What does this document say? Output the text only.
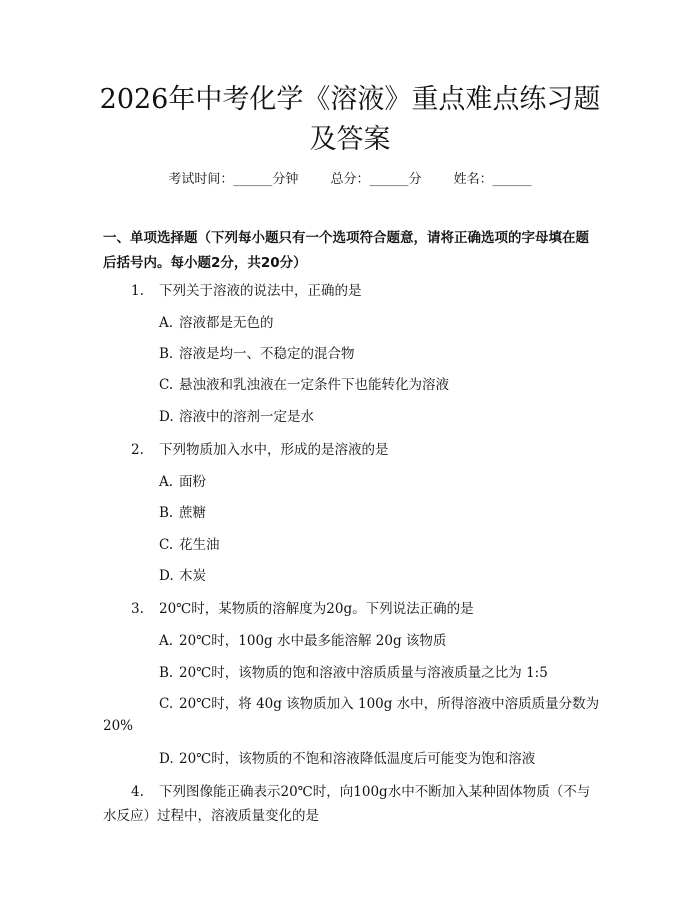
2026年中考化学《溶液》重点难点练习题及答案
考试时间：______分钟 总分：______分 姓名：______

一、单项选择题（下列每小题只有一个选项符合题意，请将正确选项的字母填在题后括号内。每小题2分，共20分）

1. 下列关于溶液的说法中，正确的是
A. 溶液都是无色的
B. 溶液是均一、不稳定的混合物
C. 悬浊液和乳浊液在一定条件下也能转化为溶液
D. 溶液中的溶剂一定是水
2. 下列物质加入水中，形成的是溶液的是
A. 面粉
B. 蔗糖
C. 花生油
D. 木炭
3. 20℃时，某物质的溶解度为20g。下列说法正确的是
A. 20℃时，100g 水中最多能溶解 20g 该物质
B. 20℃时，该物质的饱和溶液中溶质质量与溶液质量之比为 1:5
C. 20℃时，将 40g 该物质加入 100g 水中，所得溶液中溶质质量分数为
20%
D. 20℃时，该物质的不饱和溶液降低温度后可能变为饱和溶液
4. 下列图像能正确表示20℃时，向100g水中不断加入某种固体物质（不与水反应）过程中，溶液质量变化的是
